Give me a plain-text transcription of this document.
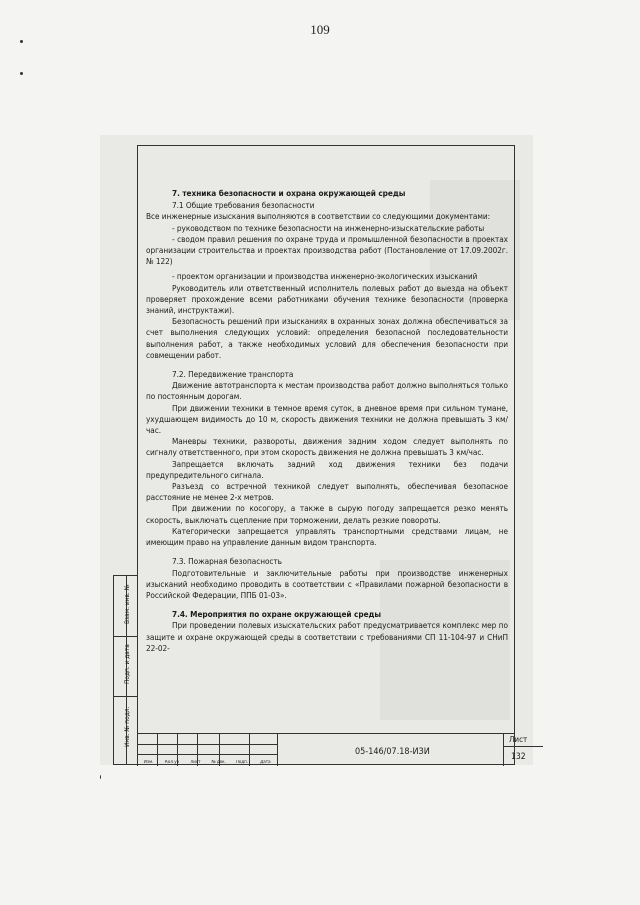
109

7. техника безопасности и охрана окружающей среды

7.1 Общие требования безопасности

Все инженерные изыскания выполняются в соответствии со следующими документами:

- руководством по технике безопасности на инженерно-изыскательские работы

- сводом правил решения по охране труда и промышленной безопасности в проектах организации строительства и проектах производства работ (Постановление от 17.09.2002г. № 122)

- проектом организации и производства инженерно-экологических изысканий

Руководитель или ответственный исполнитель полевых работ до выезда на объект проверяет прохождение всеми работниками обучения технике безопасности (проверка знаний, инструктажи).

Безопасность решений при изысканиях в охранных зонах должна обеспечиваться за счет выполнения следующих условий: определения безопасной последовательности выполнения работ, а также необходимых условий для обеспечения безопасности при совмещении работ.

7.2. Передвижение транспорта

Движение автотранспорта к местам производства работ должно выполняться только по постоянным дорогам.

При движении техники в темное время суток, в дневное время при сильном тумане, ухудшающем видимость до 10 м, скорость движения техники не должна превышать 3 км/час.

Маневры техники, развороты, движения задним ходом следует выполнять по сигналу ответственного, при этом скорость движения не должна превышать 3 км/час.

Запрещается включать задний ход движения техники без подачи предупредительного сигнала.

Разъезд со встречной техникой следует выполнять, обеспечивая безопасное расстояние не менее 2-х метров.

При движении по косогору, а также в сырую погоду запрещается резко менять скорость, выключать сцепление при торможении, делать резкие повороты.

Категорически запрещается управлять транспортными средствами лицам, не имеющим право на управление данным видом транспорта.

7.3. Пожарная безопасность

Подготовительные и заключительные работы при производстве инженерных изысканий необходимо проводить в соответствии с «Правилами пожарной безопасности в Российской Федерации, ППБ 01-03».

7.4. Мероприятия по охране окружающей среды

При проведении полевых изыскательских работ предусматривается комплекс мер по защите и охране окружающей среды в соответствии с требованиями СП 11-104-97 и СНиП 22-02-

Взам. инв. №
Подп. и дата
Инв. № подл.
05-146/07.18-ИЗИ
Лист
132
Изм.	Кол.уч	Лист	№ док.	Подп.	Дата
